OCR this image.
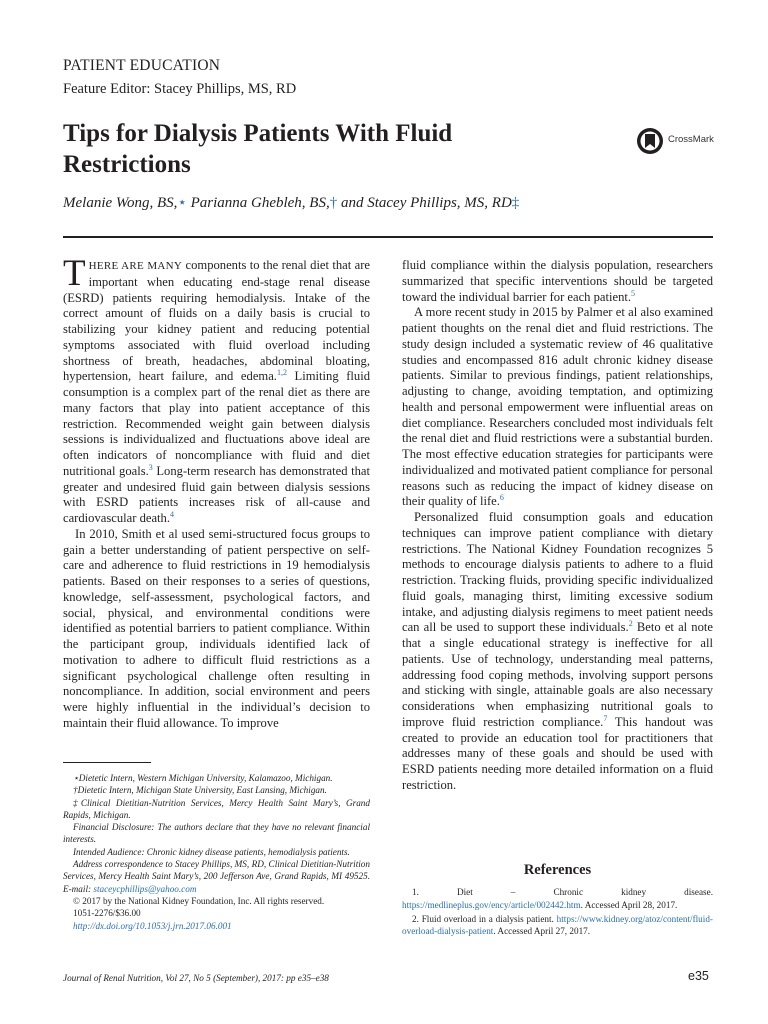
PATIENT EDUCATION
Feature Editor: Stacey Phillips, MS, RD
Tips for Dialysis Patients With Fluid Restrictions
CrossMark
Melanie Wong, BS,⋆ Parianna Ghebleh, BS,† and Stacey Phillips, MS, RD‡

THERE ARE MANY components to the renal diet that are important when educating end-stage renal disease (ESRD) patients requiring hemodialysis. Intake of the correct amount of fluids on a daily basis is crucial to stabilizing your kidney patient and reducing potential symptoms associated with fluid overload including shortness of breath, headaches, abdominal bloating, hypertension, heart failure, and edema.$^{1,2}$ Limiting fluid consumption is a complex part of the renal diet as there are many factors that play into patient acceptance of this restriction. Recommended weight gain between dialysis sessions is individualized and fluctuations above ideal are often indicators of noncompliance with fluid and diet nutritional goals.$^3$ Long-term research has demonstrated that greater and undesired fluid gain between dialysis sessions with ESRD patients increases risk of all-cause and cardiovascular death.$^4$

In 2010, Smith et al used semi-structured focus groups to gain a better understanding of patient perspective on self-care and adherence to fluid restrictions in 19 hemodialysis patients. Based on their responses to a series of questions, knowledge, self-assessment, psychological factors, and social, physical, and environmental conditions were identified as potential barriers to patient compliance. Within the participant group, individuals identified lack of motivation to adhere to difficult fluid restrictions as a significant psychological challenge often resulting in noncompliance. In addition, social environment and peers were highly influential in the individual’s decision to maintain their fluid allowance. To improve

fluid compliance within the dialysis population, researchers summarized that specific interventions should be targeted toward the individual barrier for each patient.$^5$

A more recent study in 2015 by Palmer et al also examined patient thoughts on the renal diet and fluid restrictions. The study design included a systematic review of 46 qualitative studies and encompassed 816 adult chronic kidney disease patients. Similar to previous findings, patient relationships, adjusting to change, avoiding temptation, and optimizing health and personal empowerment were influential areas on diet compliance. Researchers concluded most individuals felt the renal diet and fluid restrictions were a substantial burden. The most effective education strategies for participants were individualized and motivated patient compliance for personal reasons such as reducing the impact of kidney disease on their quality of life.$^6$

Personalized fluid consumption goals and education techniques can improve patient compliance with dietary restrictions. The National Kidney Foundation recognizes 5 methods to encourage dialysis patients to adhere to a fluid restriction. Tracking fluids, providing specific individualized fluid goals, managing thirst, limiting excessive sodium intake, and adjusting dialysis regimens to meet patient needs can all be used to support these individuals.$^2$ Beto et al note that a single educational strategy is ineffective for all patients. Use of technology, understanding meal patterns, addressing food coping methods, involving support persons and sticking with single, attainable goals are also necessary considerations when emphasizing nutritional goals to improve fluid restriction compliance.$^7$ This handout was created to provide an education tool for practitioners that addresses many of these goals and should be used with ESRD patients needing more detailed information on a fluid restriction.

⋆Dietetic Intern, Western Michigan University, Kalamazoo, Michigan.

†Dietetic Intern, Michigan State University, East Lansing, Michigan.

‡Clinical Dietitian-Nutrition Services, Mercy Health Saint Mary’s, Grand Rapids, Michigan.

Financial Disclosure: The authors declare that they have no relevant financial interests.

Intended Audience: Chronic kidney disease patients, hemodialysis patients.

Address correspondence to Stacey Phillips, MS, RD, Clinical Dietitian-Nutrition Services, Mercy Health Saint Mary’s, 200 Jefferson Ave, Grand Rapids, MI 49525. E-mail: staceycphillips@yahoo.com

© 2017 by the National Kidney Foundation, Inc. All rights reserved.

1051-2276/$36.00

http://dx.doi.org/10.1053/j.jrn.2017.06.001

References

1. Diet – Chronic kidney disease. https://medlineplus.gov/ency/article/002442.htm. Accessed April 28, 2017.

2. Fluid overload in a dialysis patient. https://www.kidney.org/atoz/content/fluid-overload-dialysis-patient. Accessed April 27, 2017.

Journal of Renal Nutrition, Vol 27, No 5 (September), 2017: pp e35–e38	e35
